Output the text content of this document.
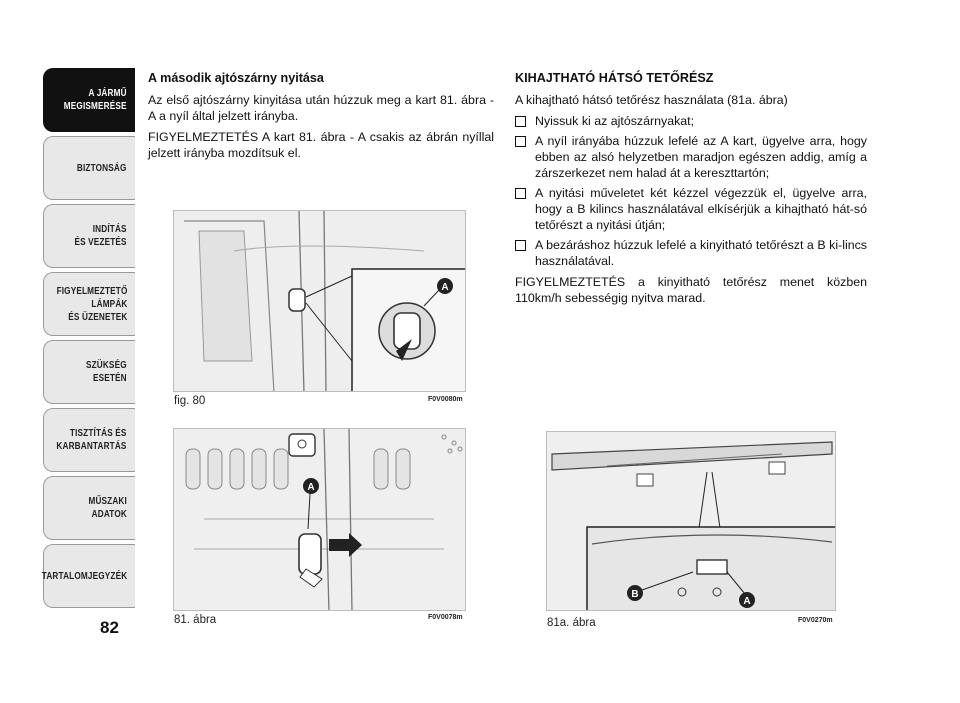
A JÁRMŰ
MEGISMERÉSE
BIZTONSÁG
INDÍTÁS
ÉS VEZETÉS
FIGYELMEZTETŐ
LÁMPÁK
ÉS ÜZENETEK
SZÜKSÉG
ESETÉN
TISZTÍTÁS ÉS
KARBANTARTÁS
MŰSZAKI
ADATOK
TARTALOMJEGYZÉK
82
A második ajtószárny nyitása

Az első ajtószárny kinyitása után húzzuk meg a kart 81. ábra - A a nyíl által jelzett irányba.

FIGYELMEZTETÉS A kart 81. ábra - A csakis az ábrán nyíllal jelzett irányba mozdítsuk el.

KIHAJTHATÓ HÁTSÓ TETŐRÉSZ

A kihajtható hátsó tetőrész használata (81a. ábra)

Nyissuk ki az ajtószárnyakat;
A nyíl irányába húzzuk lefelé az A kart, ügyelve arra, hogy ebben az alsó helyzetben maradjon egészen addig, amíg a zárszerkezet nem halad át a kereszttartón;
A nyitási műveletet két kézzel végezzük el, ügyelve arra, hogy a B kilincs használatával elkísérjük a kihajtható hát-só tetőrészt a nyitási útján;
A bezáráshoz húzzuk lefelé a kinyitható tetőrészt a B ki-lincs használatával.

FIGYELMEZTETÉS a kinyitható tetőrész menet közben 110km/h sebességig nyitva marad.

A
fig. 80	F0V0080m
A
81. ábra	F0V0078m
B
A
81a. ábra	F0V0270m
